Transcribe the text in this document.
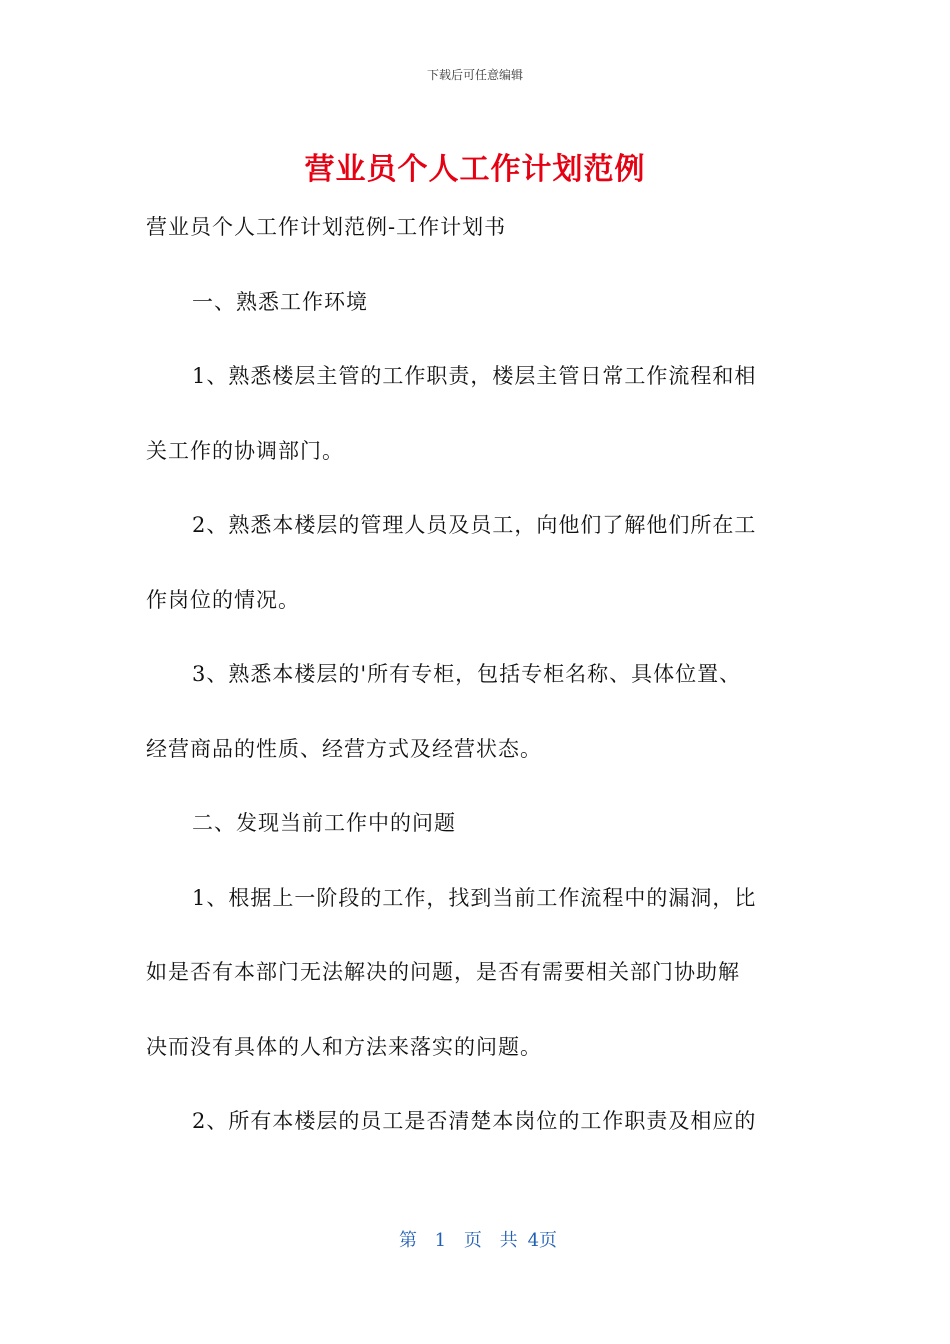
下载后可任意编辑
营业员个人工作计划范例
营业员个人工作计划范例-工作计划书
一、熟悉工作环境
1、熟悉楼层主管的工作职责，楼层主管日常工作流程和相
关工作的协调部门。
2、熟悉本楼层的管理人员及员工，向他们了解他们所在工
作岗位的情况。
3、熟悉本楼层的'所有专柜，包括专柜名称、具体位置、
经营商品的性质、经营方式及经营状态。
二、发现当前工作中的问题
1、根据上一阶段的工作，找到当前工作流程中的漏洞，比
如是否有本部门无法解决的问题，是否有需要相关部门协助解
决而没有具体的人和方法来落实的问题。
2、所有本楼层的员工是否清楚本岗位的工作职责及相应的
第 1 页 共 4页
